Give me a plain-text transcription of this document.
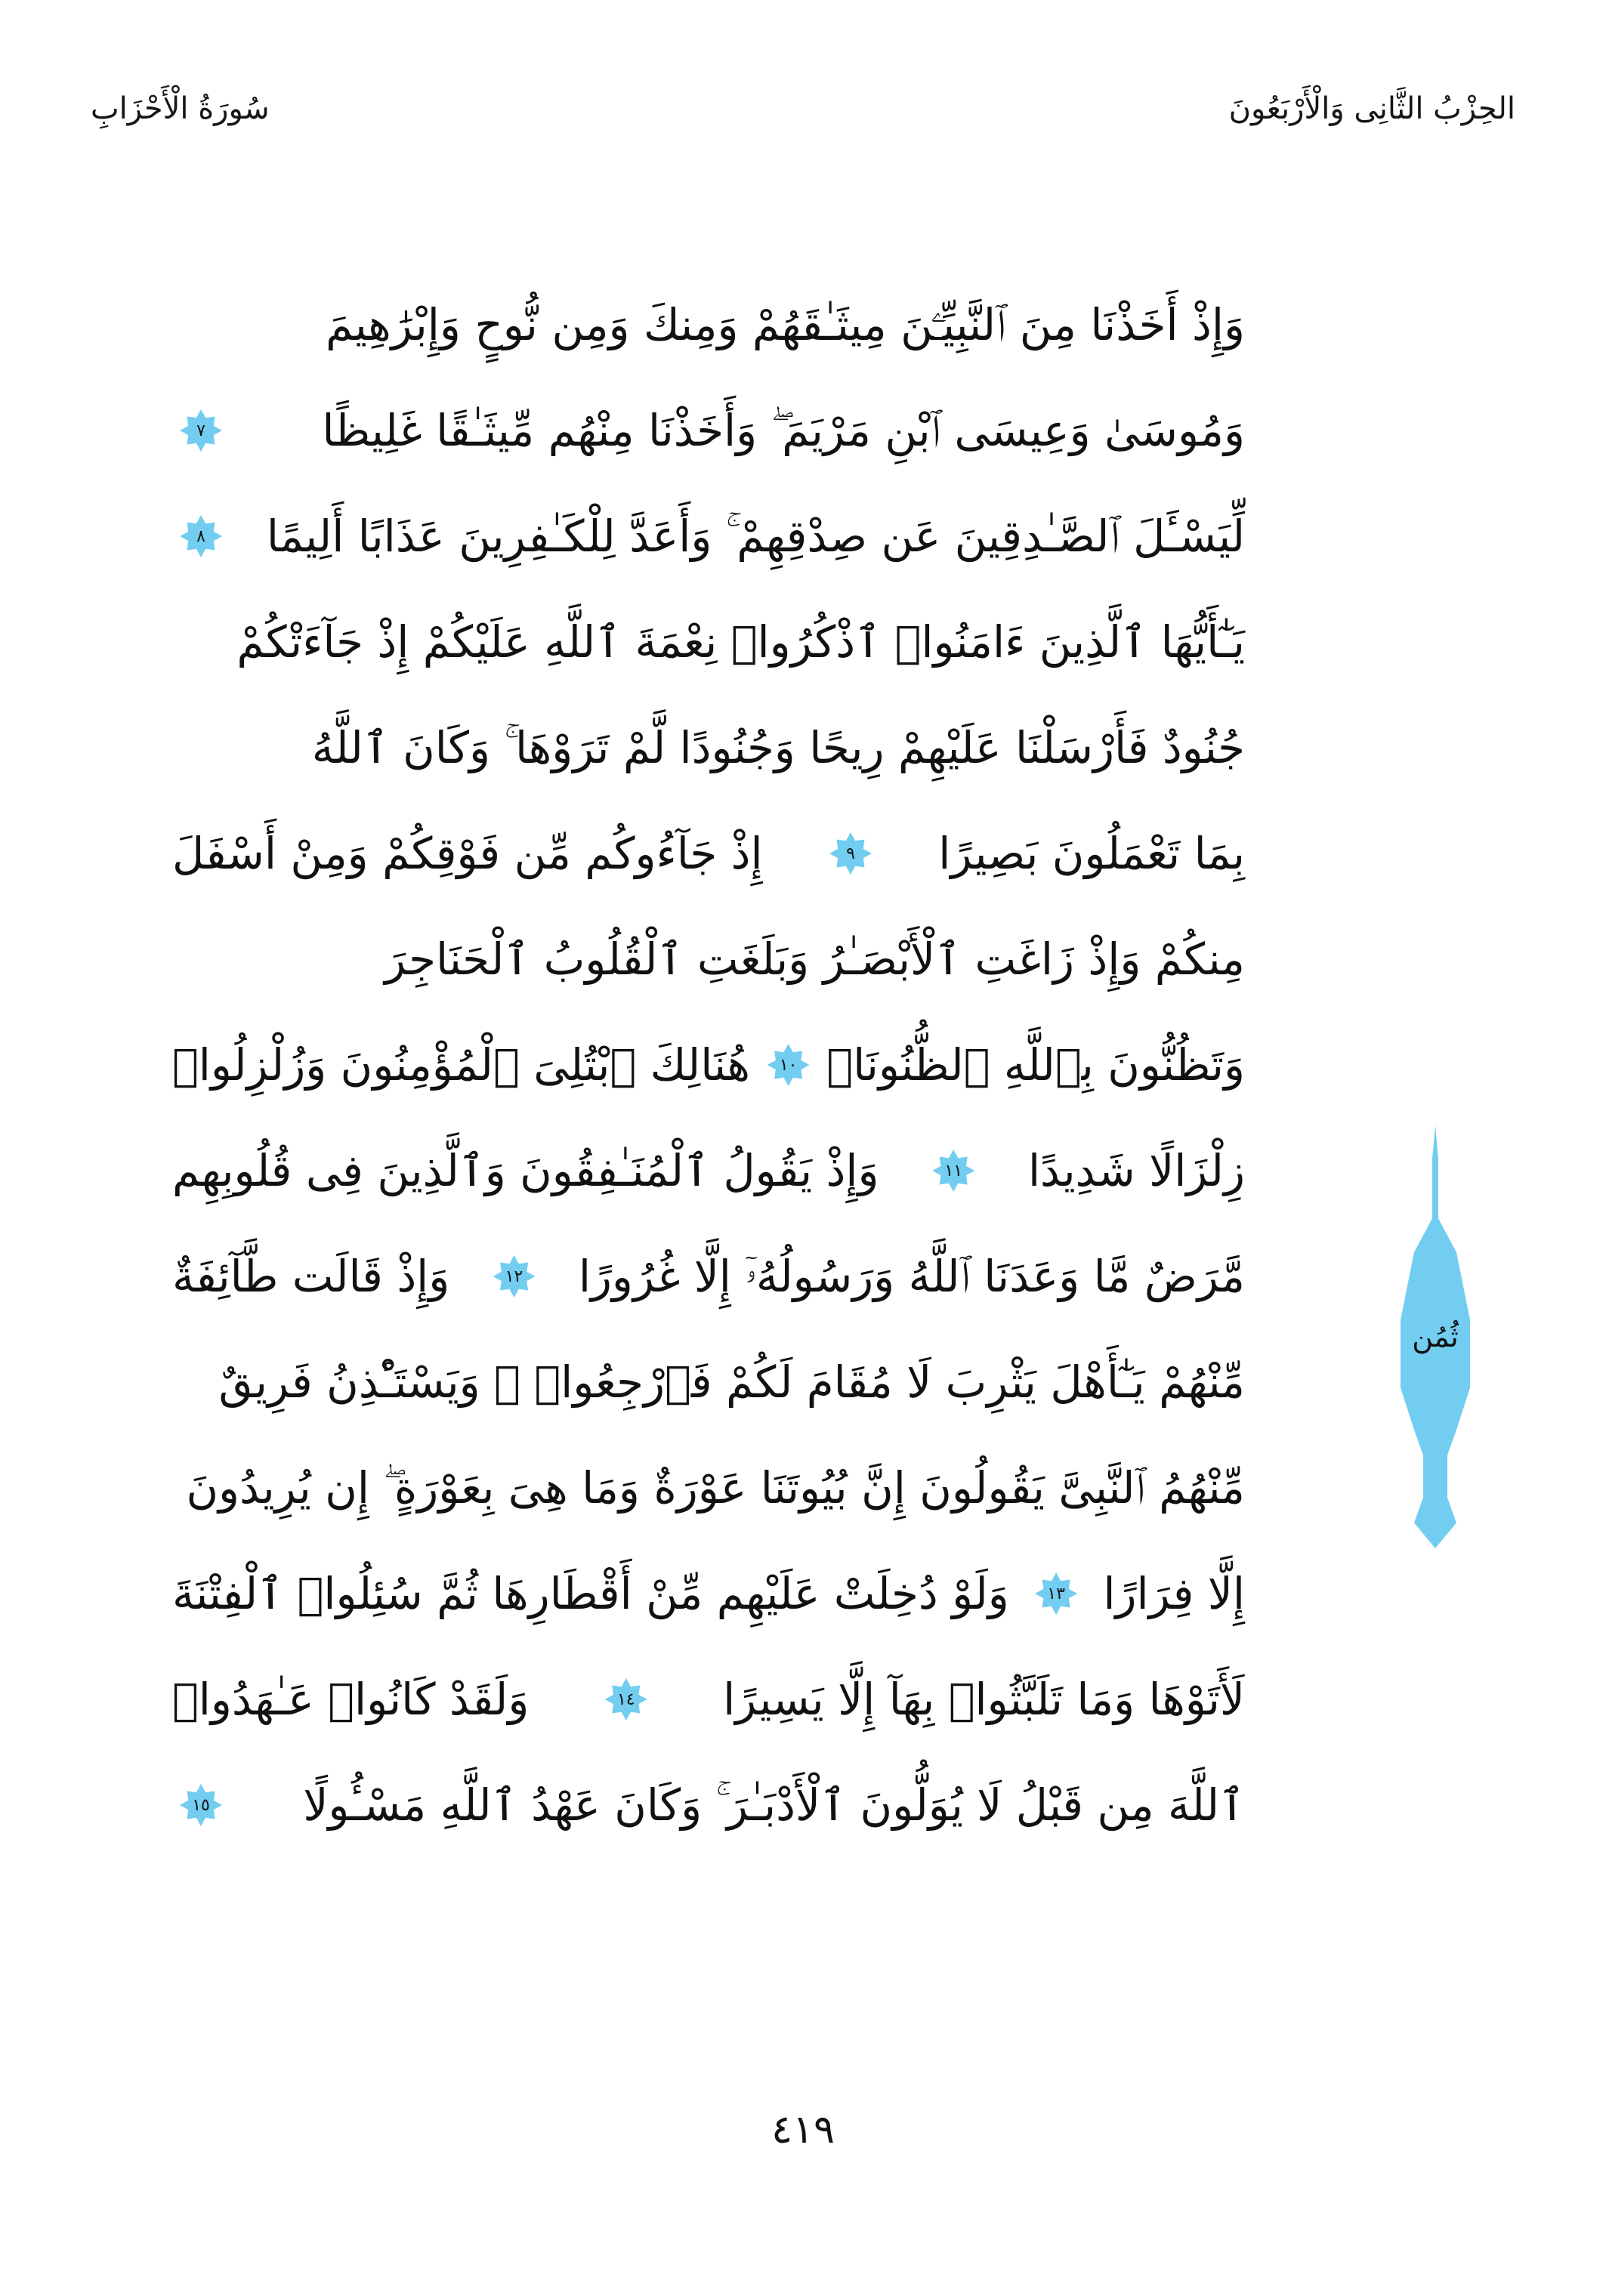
سُورَةُ الْأَحْزَابِ	الحِزْبُ الثَّانِى وَالْأَرْبَعُونَ
وَإِذْ أَخَذْنَا مِنَ ٱلنَّبِيِّـۧنَ مِيثَـٰقَهُمْ وَمِنكَ وَمِن نُّوحٍ وَإِبْرَٰهِيمَ
وَمُوسَىٰ وَعِيسَى ٱبْنِ مَرْيَمَ ۖ وَأَخَذْنَا مِنْهُم مِّيثَـٰقًا غَلِيظًا
٧
لِّيَسْـَٔلَ ٱلصَّـٰدِقِينَ عَن صِدْقِهِمْ ۚ وَأَعَدَّ لِلْكَـٰفِرِينَ عَذَابًا أَلِيمًا
٨
يَـٰٓأَيُّهَا ٱلَّذِينَ ءَامَنُوا۟ ٱذْكُرُوا۟ نِعْمَةَ ٱللَّهِ عَلَيْكُمْ إِذْ جَآءَتْكُمْ
جُنُودٌ فَأَرْسَلْنَا عَلَيْهِمْ رِيحًا وَجُنُودًا لَّمْ تَرَوْهَا ۚ وَكَانَ ٱللَّهُ
بِمَا تَعْمَلُونَ بَصِيرًا
٩
إِذْ جَآءُوكُم مِّن فَوْقِكُمْ وَمِنْ أَسْفَلَ
مِنكُمْ وَإِذْ زَاغَتِ ٱلْأَبْصَـٰرُ وَبَلَغَتِ ٱلْقُلُوبُ ٱلْحَنَاجِرَ
وَتَظُنُّونَ بِٱللَّهِ ٱلظُّنُونَا۠
١٠
هُنَالِكَ ٱبْتُلِىَ ٱلْمُؤْمِنُونَ وَزُلْزِلُوا۟
زِلْزَالًا شَدِيدًا
١١
وَإِذْ يَقُولُ ٱلْمُنَـٰفِقُونَ وَٱلَّذِينَ فِى قُلُوبِهِم
مَّرَضٌ مَّا وَعَدَنَا ٱللَّهُ وَرَسُولُهُۥٓ إِلَّا غُرُورًا
١٢
وَإِذْ قَالَت طَّآئِفَةٌ
مِّنْهُمْ يَـٰٓأَهْلَ يَثْرِبَ لَا مُقَامَ لَكُمْ فَٱرْجِعُوا۟ ۚ وَيَسْتَـْٔذِنُ فَرِيقٌ
مِّنْهُمُ ٱلنَّبِىَّ يَقُولُونَ إِنَّ بُيُوتَنَا عَوْرَةٌ وَمَا هِىَ بِعَوْرَةٍ ۖ إِن يُرِيدُونَ
إِلَّا فِرَارًا
١٣
وَلَوْ دُخِلَتْ عَلَيْهِم مِّنْ أَقْطَارِهَا ثُمَّ سُئِلُوا۟ ٱلْفِتْنَةَ
لَأَتَوْهَا وَمَا تَلَبَّثُوا۟ بِهَآ إِلَّا يَسِيرًا
١٤
وَلَقَدْ كَانُوا۟ عَـٰهَدُوا۟
ٱللَّهَ مِن قَبْلُ لَا يُوَلُّونَ ٱلْأَدْبَـٰرَ ۚ وَكَانَ عَهْدُ ٱللَّهِ مَسْـُٔولًا
١٥
ثُمُن
٤١٩
